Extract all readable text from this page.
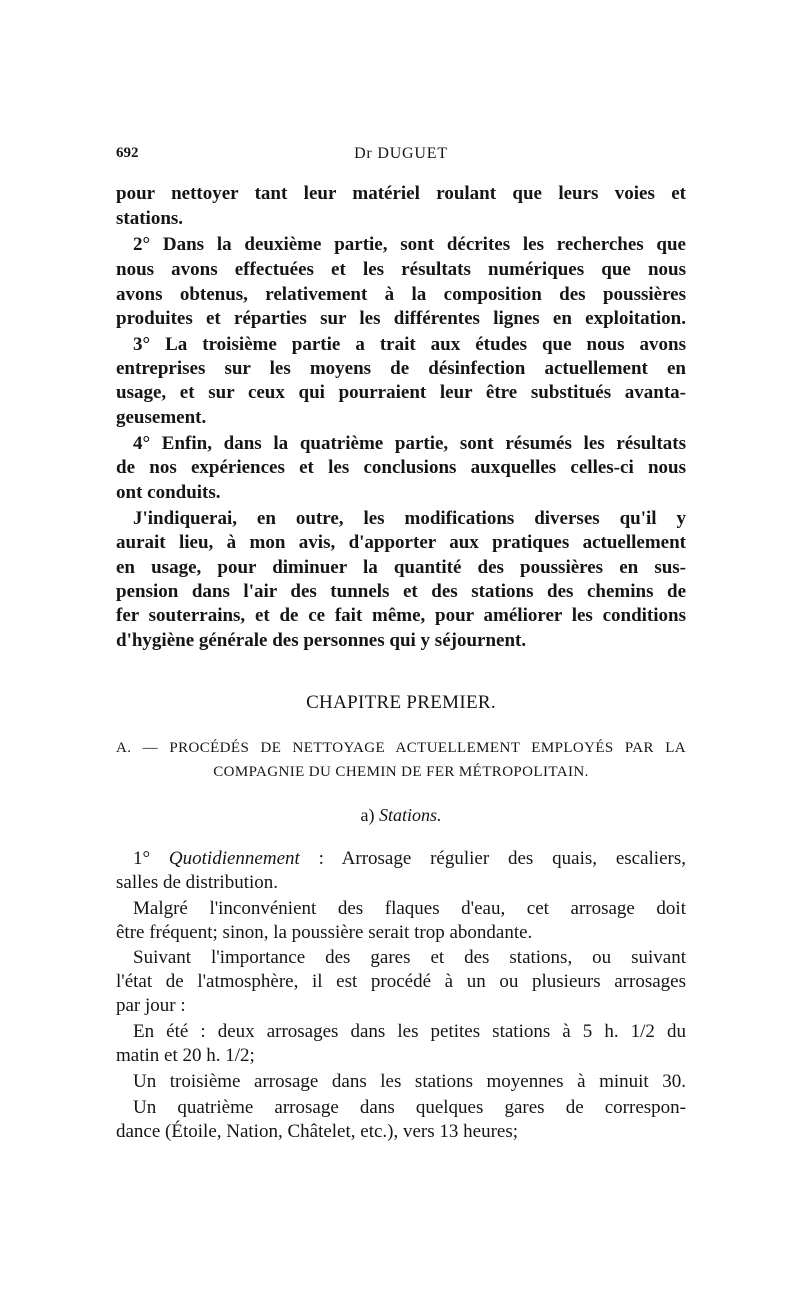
692	Dr DUGUET
pour nettoyer tant leur matériel roulant que leurs voies et
stations.
2° Dans la deuxième partie, sont décrites les recherches que
nous avons effectuées et les résultats numériques que nous
avons obtenus, relativement à la composition des poussières
produites et réparties sur les différentes lignes en exploitation.
3° La troisième partie a trait aux études que nous avons
entreprises sur les moyens de désinfection actuellement en
usage, et sur ceux qui pourraient leur être substitués avanta-
geusement.
4° Enfin, dans la quatrième partie, sont résumés les résultats
de nos expériences et les conclusions auxquelles celles-ci nous
ont conduits.
J'indiquerai, en outre, les modifications diverses qu'il y
aurait lieu, à mon avis, d'apporter aux pratiques actuellement
en usage, pour diminuer la quantité des poussières en sus-
pension dans l'air des tunnels et des stations des chemins de
fer souterrains, et de ce fait même, pour améliorer les conditions
d'hygiène générale des personnes qui y séjournent.
CHAPITRE PREMIER.
A. — PROCÉDÉS DE NETTOYAGE ACTUELLEMENT EMPLOYÉS PAR LA
COMPAGNIE DU CHEMIN DE FER MÉTROPOLITAIN.
a) Stations.
1° Quotidiennement : Arrosage régulier des quais, escaliers,
salles de distribution.
Malgré l'inconvénient des flaques d'eau, cet arrosage doit
être fréquent; sinon, la poussière serait trop abondante.
Suivant l'importance des gares et des stations, ou suivant
l'état de l'atmosphère, il est procédé à un ou plusieurs arrosages
par jour :
En été : deux arrosages dans les petites stations à 5 h. 1/2 du
matin et 20 h. 1/2;
Un troisième arrosage dans les stations moyennes à minuit 30.
Un quatrième arrosage dans quelques gares de correspon-
dance (Étoile, Nation, Châtelet, etc.), vers 13 heures;
